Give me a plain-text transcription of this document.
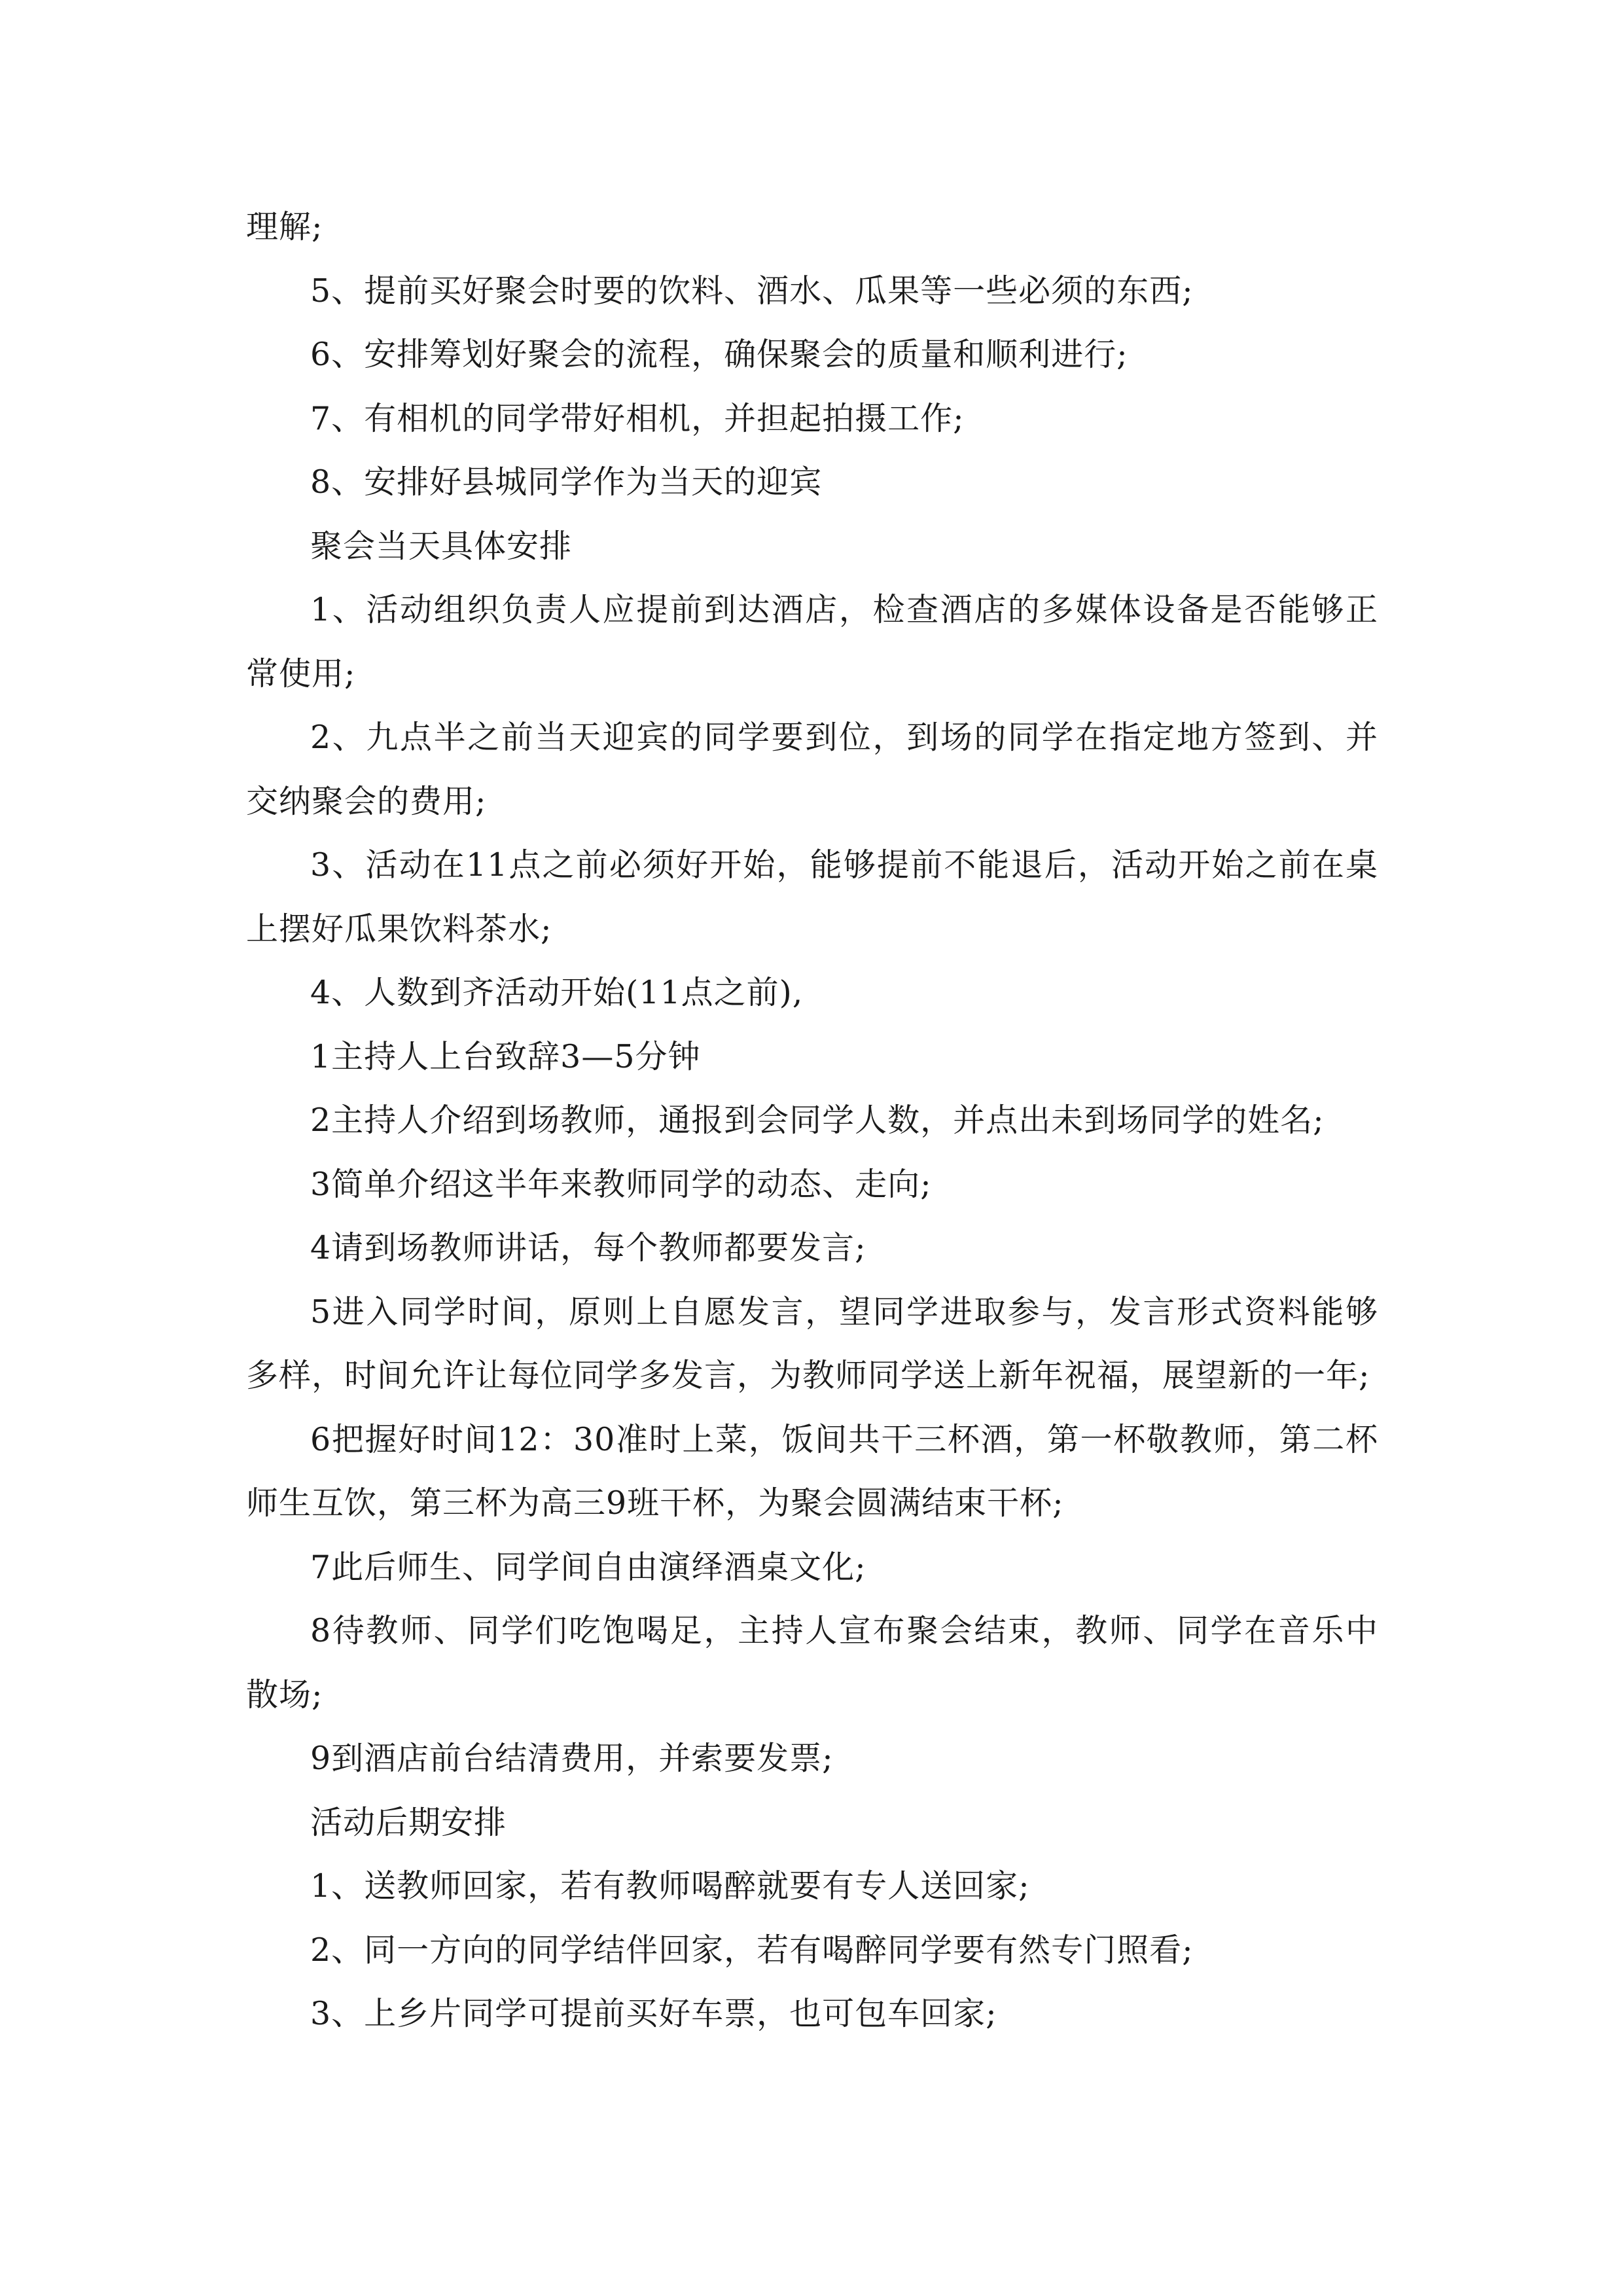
理解;

5、提前买好聚会时要的饮料、酒水、瓜果等一些必须的东西;

6、安排筹划好聚会的流程，确保聚会的质量和顺利进行;

7、有相机的同学带好相机，并担起拍摄工作;

8、安排好县城同学作为当天的迎宾

聚会当天具体安排

1、活动组织负责人应提前到达酒店，检查酒店的多媒体设备是否能够正常使用;

2、九点半之前当天迎宾的同学要到位，到场的同学在指定地方签到、并交纳聚会的费用;

3、活动在11点之前必须好开始，能够提前不能退后，活动开始之前在桌上摆好瓜果饮料茶水;

4、人数到齐活动开始(11点之前),

1主持人上台致辞3—5分钟

2主持人介绍到场教师，通报到会同学人数，并点出未到场同学的姓名;

3简单介绍这半年来教师同学的动态、走向;

4请到场教师讲话，每个教师都要发言;

5进入同学时间，原则上自愿发言，望同学进取参与，发言形式资料能够多样，时间允许让每位同学多发言，为教师同学送上新年祝福，展望新的一年;

6把握好时间12：30准时上菜，饭间共干三杯酒，第一杯敬教师，第二杯师生互饮，第三杯为高三9班干杯，为聚会圆满结束干杯;

7此后师生、同学间自由演绎酒桌文化;

8待教师、同学们吃饱喝足，主持人宣布聚会结束，教师、同学在音乐中散场;

9到酒店前台结清费用，并索要发票;

活动后期安排

1、送教师回家，若有教师喝醉就要有专人送回家;

2、同一方向的同学结伴回家，若有喝醉同学要有然专门照看;

3、上乡片同学可提前买好车票，也可包车回家;
